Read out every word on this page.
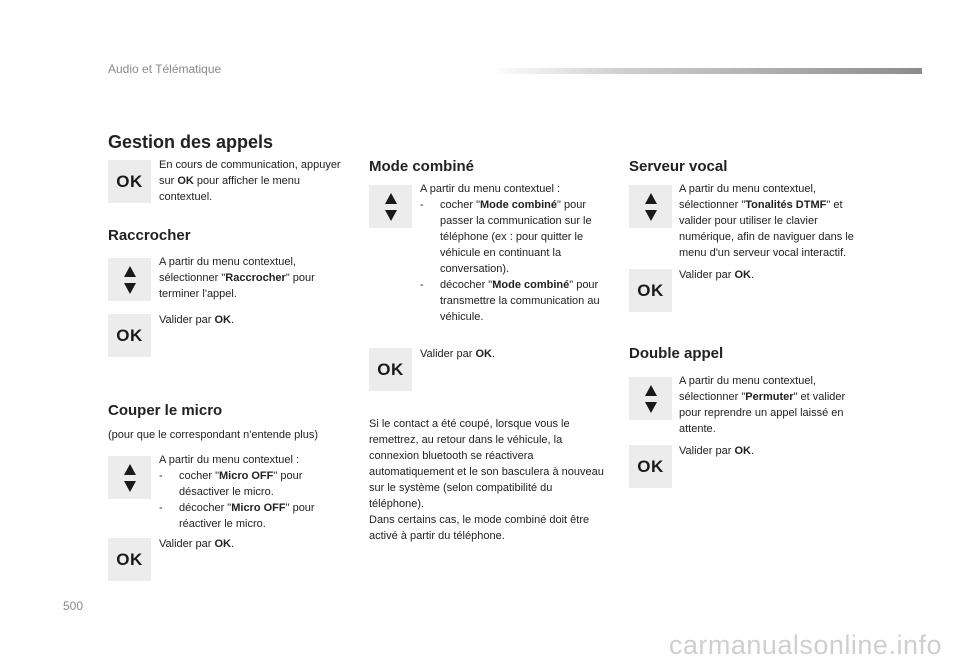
Audio et Télématique
Gestion des appels
OK
En cours de communication, appuyer sur OK pour afficher le menu contextuel.
Raccrocher
A partir du menu contextuel, sélectionner "Raccrocher" pour terminer l'appel.
OK
Valider par OK.
Couper le micro
(pour que le correspondant n'entende plus)
A partir du menu contextuel :
-	cocher "Micro OFF" pour désactiver le micro.
-	décocher "Micro OFF" pour réactiver le micro.
OK
Valider par OK.
Mode combiné
A partir du menu contextuel :
-	cocher "Mode combiné" pour passer la communication sur le téléphone (ex : pour quitter le véhicule en continuant la conversation).
-	décocher "Mode combiné" pour transmettre la communication au véhicule.
OK
Valider par OK.
Si le contact a été coupé, lorsque vous le remettrez, au retour dans le véhicule, la connexion bluetooth se réactivera automatiquement et le son basculera à nouveau sur le système (selon compatibilité du téléphone).
Dans certains cas, le mode combiné doit être activé à partir du téléphone.
Serveur vocal
A partir du menu contextuel, sélectionner "Tonalités DTMF" et valider pour utiliser le clavier numérique, afin de naviguer dans le menu d'un serveur vocal interactif.
OK
Valider par OK.
Double appel
A partir du menu contextuel, sélectionner "Permuter" et valider pour reprendre un appel laissé en attente.
OK
Valider par OK.
500
carmanualsonline.info
